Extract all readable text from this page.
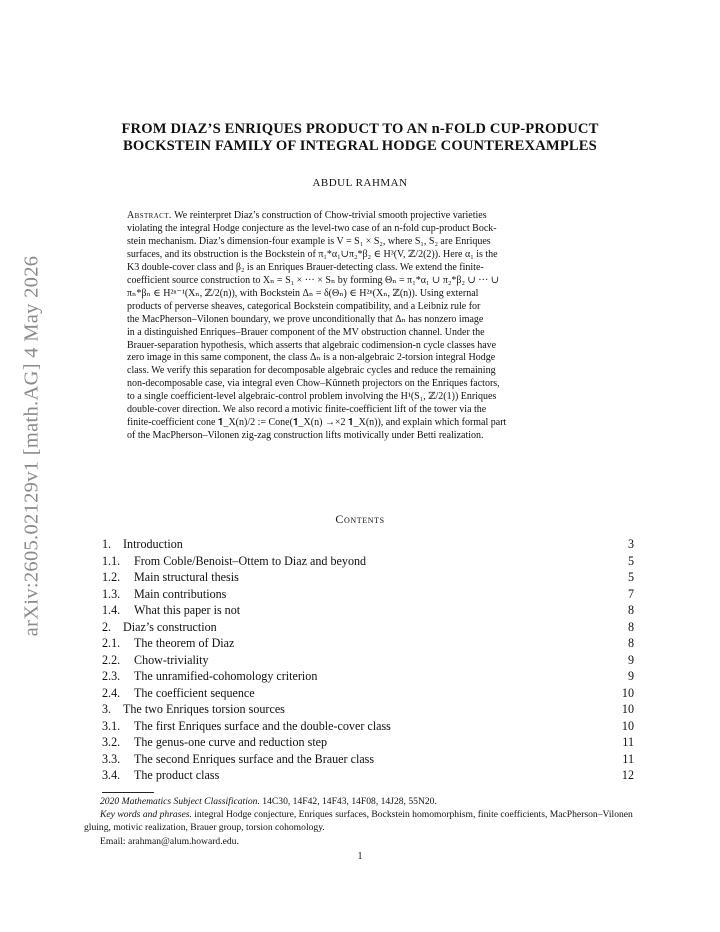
arXiv:2605.02129v1 [math.AG] 4 May 2026
FROM DIAZ’S ENRIQUES PRODUCT TO AN n-FOLD CUP-PRODUCT
BOCKSTEIN FAMILY OF INTEGRAL HODGE COUNTEREXAMPLES
ABDUL RAHMAN
Abstract. We reinterpret Diaz’s construction of Chow-trivial smooth projective varieties
violating the integral Hodge conjecture as the level-two case of an n-fold cup-product Bock-
stein mechanism. Diaz’s dimension-four example is V = S₁ × S₂, where S₁, S₂ are Enriques
surfaces, and its obstruction is the Bockstein of π₁*α₁∪π₂*β₂ ∈ H³(V, ℤ/2(2)). Here α₁ is the
K3 double-cover class and β₂ is an Enriques Brauer-detecting class. We extend the finite-
coefficient source construction to Xₙ = S₁ × ··· × Sₙ by forming Θₙ = π₁*α₁ ∪ π₂*β₂ ∪ ··· ∪
πₙ*βₙ ∈ H²ⁿ⁻¹(Xₙ, ℤ/2(n)), with Bockstein Δₙ = δ(Θₙ) ∈ H²ⁿ(Xₙ, ℤ(n)). Using external
products of perverse sheaves, categorical Bockstein compatibility, and a Leibniz rule for
the MacPherson–Vilonen boundary, we prove unconditionally that Δₙ has nonzero image
in a distinguished Enriques–Brauer component of the MV obstruction channel. Under the
Brauer-separation hypothesis, which asserts that algebraic codimension-n cycle classes have
zero image in this same component, the class Δₙ is a non-algebraic 2-torsion integral Hodge
class. We verify this separation for decomposable algebraic cycles and reduce the remaining
non-decomposable case, via integral even Chow–Künneth projectors on the Enriques factors,
to a single coefficient-level algebraic-control problem involving the H¹(S₁, ℤ/2(1)) Enriques
double-cover direction. We also record a motivic finite-coefficient lift of the tower via the
finite-coefficient cone 𝟏_X(n)/2 := Cone(𝟏_X(n) →×2 𝟏_X(n)), and explain which formal part
of the MacPherson–Vilonen zig-zag construction lifts motivically under Betti realization.
Contents
1. Introduction	3
1.1. From Coble/Benoist–Ottem to Diaz and beyond	5
1.2. Main structural thesis	5
1.3. Main contributions	7
1.4. What this paper is not	8
2. Diaz’s construction	8
2.1. The theorem of Diaz	8
2.2. Chow-triviality	9
2.3. The unramified-cohomology criterion	9
2.4. The coefficient sequence	10
3. The two Enriques torsion sources	10
3.1. The first Enriques surface and the double-cover class	10
3.2. The genus-one curve and reduction step	11
3.3. The second Enriques surface and the Brauer class	11
3.4. The product class	12
2020 Mathematics Subject Classification. 14C30, 14F42, 14F43, 14F08, 14J28, 55N20.
Key words and phrases. integral Hodge conjecture, Enriques surfaces, Bockstein homomorphism, finite coefficients, MacPherson–Vilonen gluing, motivic realization, Brauer group, torsion cohomology.
Email: arahman@alum.howard.edu.
1
